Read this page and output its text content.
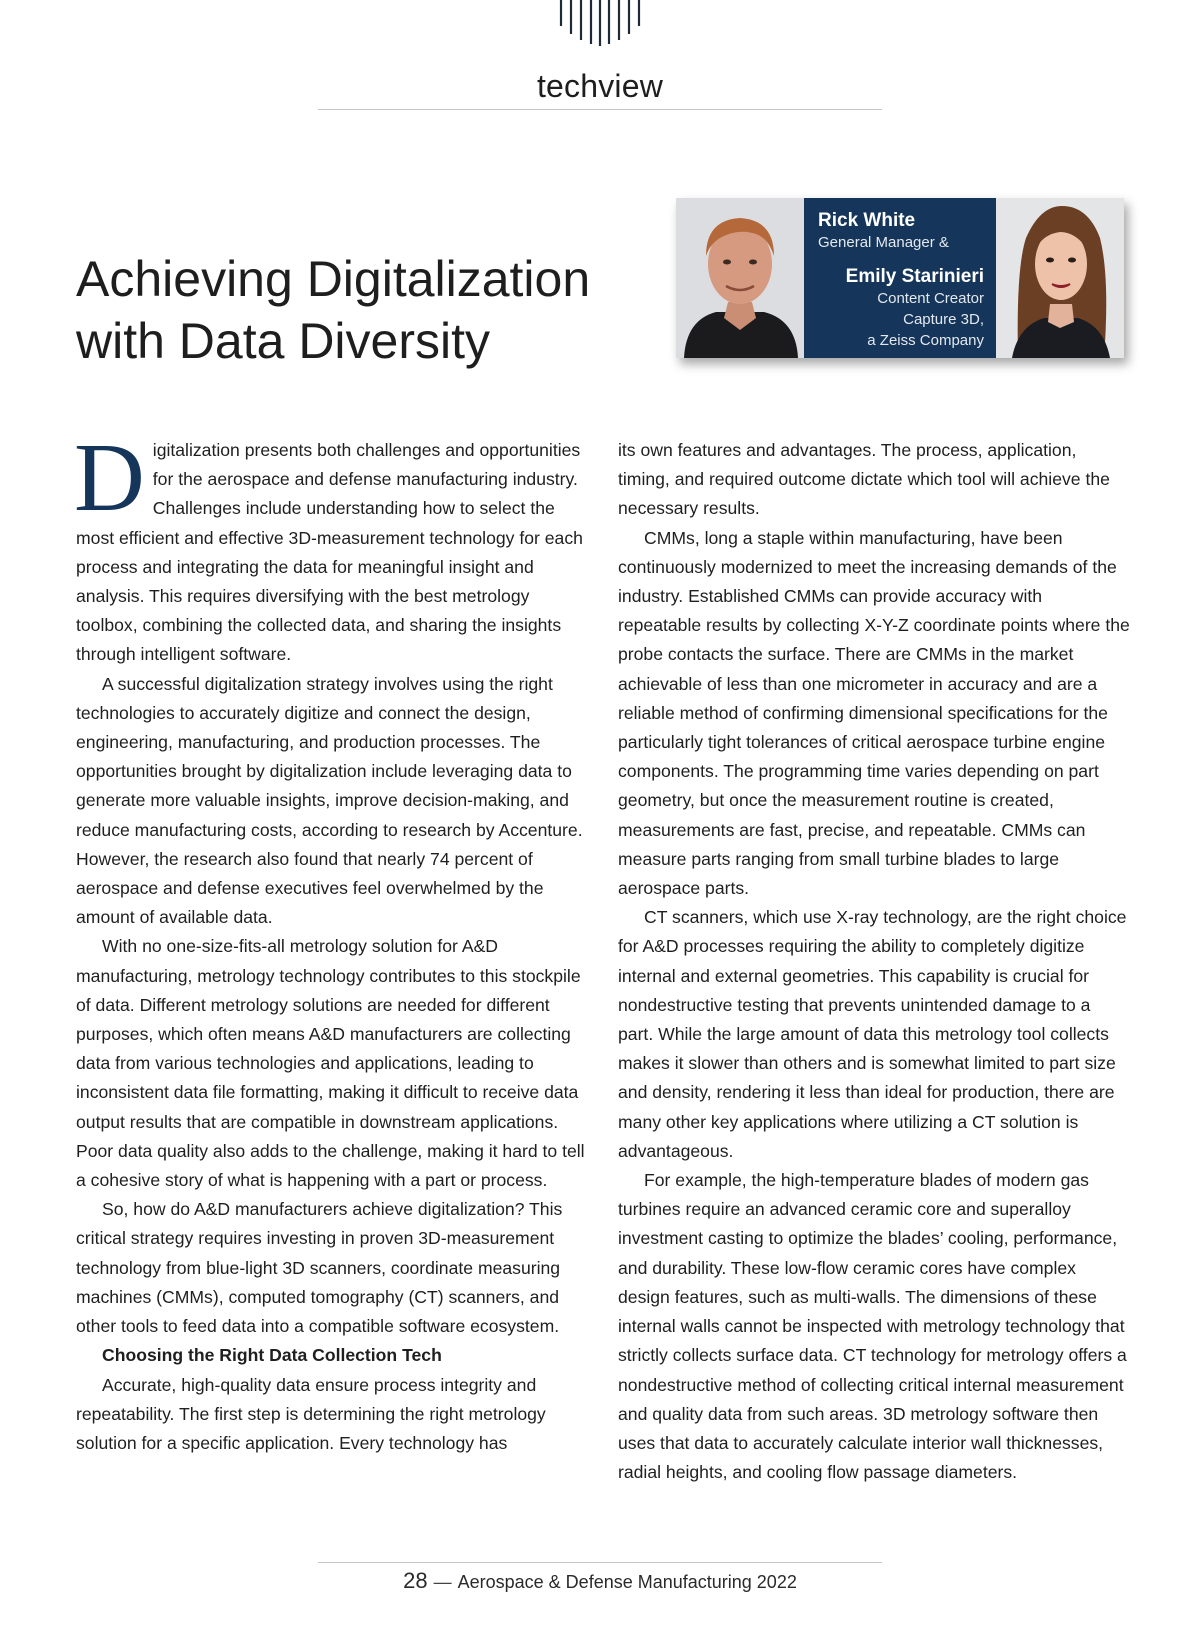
techview
Achieving Digitalization
with Data Diversity
Rick White
General Manager &
Emily Starinieri
Content Creator
Capture 3D,
a Zeiss Company

Digitalization presents both challenges and opportunities for the aerospace and defense manufacturing industry. Challenges include understanding how to select the most efficient and effective 3D-measurement technology for each process and integrating the data for meaningful insight and analysis. This requires diversifying with the best metrology toolbox, combining the collected data, and sharing the insights through intelligent software.

A successful digitalization strategy involves using the right technologies to accurately digitize and connect the design, engineering, manufacturing, and production processes. The opportunities brought by digitalization include leveraging data to generate more valuable insights, improve decision-making, and reduce manufacturing costs, according to research by Accenture. However, the research also found that nearly 74 percent of aerospace and defense executives feel overwhelmed by the amount of available data.

With no one-size-fits-all metrology solution for A&D manufacturing, metrology technology contributes to this stockpile of data. Different metrology solutions are needed for different purposes, which often means A&D manufacturers are collecting data from various technologies and applications, leading to inconsistent data file formatting, making it difficult to receive data output results that are compatible in downstream applications. Poor data quality also adds to the challenge, making it hard to tell a cohesive story of what is happening with a part or process.

So, how do A&D manufacturers achieve digitalization? This critical strategy requires investing in proven 3D-measurement technology from blue-light 3D scanners, coordinate measuring machines (CMMs), computed tomography (CT) scanners, and other tools to feed data into a compatible software ecosystem.

Choosing the Right Data Collection Tech

Accurate, high-quality data ensure process integrity and repeatability. The first step is determining the right metrology solution for a specific application. Every technology has

its own features and advantages. The process, application, timing, and required outcome dictate which tool will achieve the necessary results.

CMMs, long a staple within manufacturing, have been continuously modernized to meet the increasing demands of the industry. Established CMMs can provide accuracy with repeatable results by collecting X-Y-Z coordinate points where the probe contacts the surface. There are CMMs in the market achievable of less than one micrometer in accuracy and are a reliable method of confirming dimensional specifications for the particularly tight tolerances of critical aerospace turbine engine components. The programming time varies depending on part geometry, but once the measurement routine is created, measurements are fast, precise, and repeatable. CMMs can measure parts ranging from small turbine blades to large aerospace parts.

CT scanners, which use X-ray technology, are the right choice for A&D processes requiring the ability to completely digitize internal and external geometries. This capability is crucial for nondestructive testing that prevents unintended damage to a part. While the large amount of data this metrology tool collects makes it slower than others and is somewhat limited to part size and density, rendering it less than ideal for production, there are many other key applications where utilizing a CT solution is advantageous.

For example, the high-temperature blades of modern gas turbines require an advanced ceramic core and superalloy investment casting to optimize the blades’ cooling, performance, and durability. These low-flow ceramic cores have complex design features, such as multi-walls. The dimensions of these internal walls cannot be inspected with metrology technology that strictly collects surface data. CT technology for metrology offers a nondestructive method of collecting critical internal measurement and quality data from such areas. 3D metrology software then uses that data to accurately calculate interior wall thicknesses, radial heights, and cooling flow passage diameters.

28 — Aerospace & Defense Manufacturing 2022
